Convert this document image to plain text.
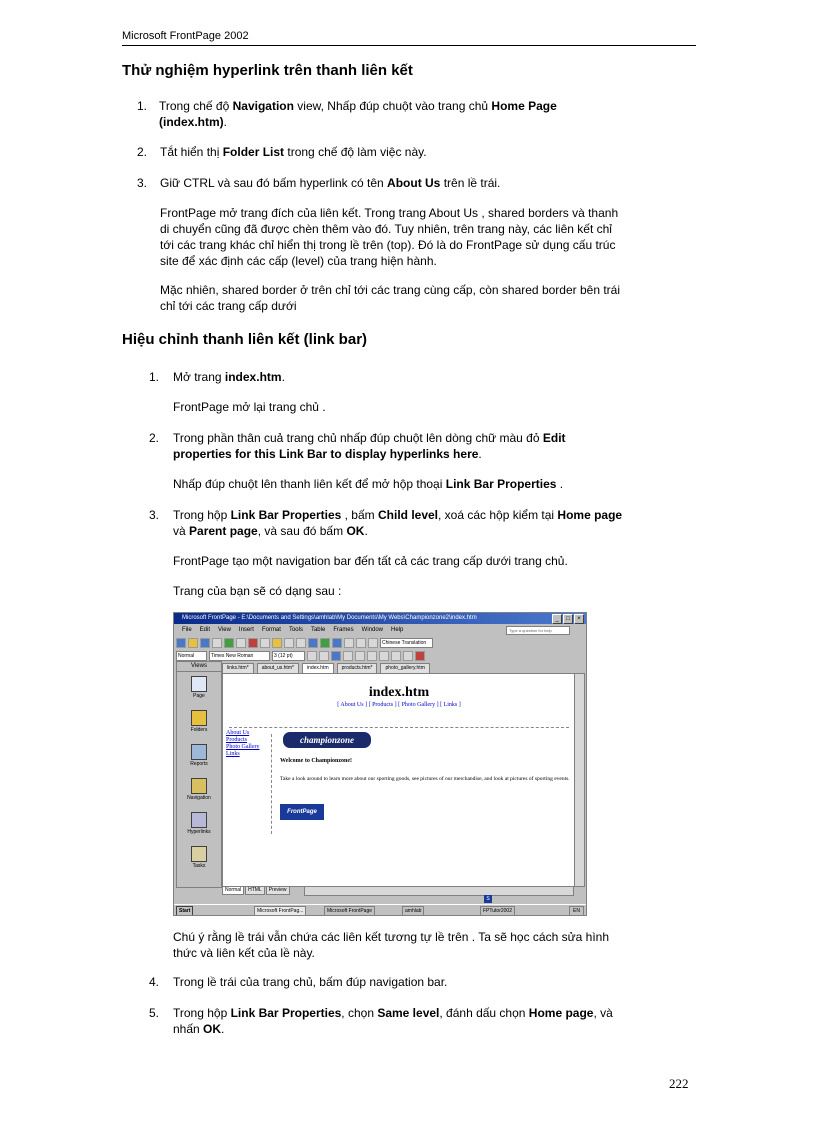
Microsoft FrontPage 2002
Thử nghiệm hyperlink trên thanh liên kết
1. Trong chế độ Navigation view, Nhấp đúp chuột vào trang chủ Home Page
(index.htm).
2. Tắt hiển thị Folder List trong chế độ làm việc này.
3. Giữ CTRL và sau đó bấm hyperlink có tên About Us trên lề trái.
FrontPage mở trang đích của liên kết. Trong trang About Us , shared borders và thanh
di chuyển cũng đã được chèn thêm vào đó. Tuy nhiên, trên trang này, các liên kết chỉ
tới các trang khác chỉ hiển thị trong lề trên (top). Đó là do FrontPage sử dụng cấu trúc
site để xác định các cấp (level) của trang hiện hành.
Mặc nhiên, shared border ở trên chỉ tới các trang cùng cấp, còn shared border bên trái
chỉ tới các trang cấp dưới
Hiệu chỉnh thanh liên kết (link bar)
1. Mở trang index.htm.
FrontPage mở lại trang chủ .
2. Trong phần thân cuả trang chủ nhấp đúp chuột lên dòng chữ màu đỏ Edit
properties for this Link Bar to display hyperlinks here.
Nhấp đúp chuột lên thanh liên kết để mở hộp thoại Link Bar Properties .
3. Trong hộp Link Bar Properties , bấm Child level, xoá các hộp kiểm tại Home page
và Parent page, và sau đó bấm OK.
FrontPage tạo một navigation bar đến tất cả các trang cấp dưới trang chủ.
Trang của bạn sẽ có dạng sau :
Microsoft FrontPage - E:\Documents and Settings\amhlab\My Documents\My Webs\Championzone2\index.htm	_	□	×
File Edit View Insert Format Tools Table Frames Window Help	Type a question for help
Chinese Translation
Normal	Times New Roman	3 (12 pt)
Views
Page
Folders
Reports
Navigation
Hyperlinks
Tasks
links.htm*	about_us.htm*	index.htm	products.htm*	photo_gallery.htm
index.htm
[ About Us ] [ Products ] [ Photo Gallery ] [ Links ]
About Us
Products
Photo Gallery
Links
championzone
Welcome to Championzone!
Take a look around to learn more about our sporting goods, see pictures of our merchandise, and look at pictures of sporting events.
FrontPage
Normal	HTML	Preview
S
Start	Microsoft FrontPag...	Microsoft FrontPage	amhlab	FPTutor2002	EN
Chú ý rằng lề trái vẫn chứa các liên kết tương tự lề trên . Ta sẽ học cách sửa hình
thức và liên kết của lề này.
4. Trong lề trái của trang chủ, bấm đúp navigation bar.
5. Trong hộp Link Bar Properties, chọn Same level, đánh dấu chọn Home page, và
nhấn OK.
222
